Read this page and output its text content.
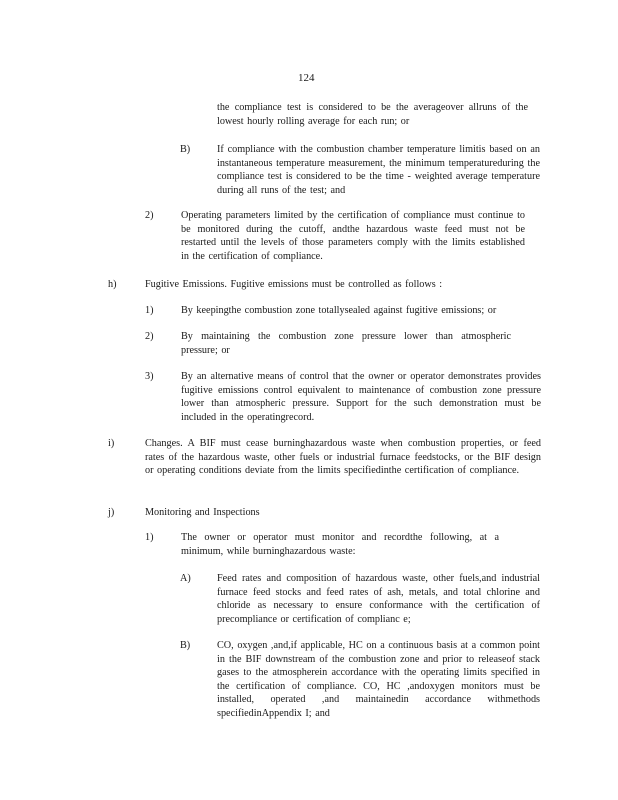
124
the compliance test is considered to be the averageover allruns of the lowest hourly rolling average for each run; or
B)	If compliance with the combustion chamber temperature limitis based on an instantaneous temperature measurement, the minimum temperatureduring the compliance test is considered to be the time - weighted average temperature during all runs of the test; and
2)	Operating parameters limited by the certification of compliance must continue to be monitored during the cutoff, andthe hazardous waste feed must not be restarted until the levels of those parameters comply with the limits established in the certification of compliance.
h)	Fugitive Emissions. Fugitive emissions must be controlled as follows :
1)	By keepingthe combustion zone totallysealed against fugitive emissions; or
2)	By maintaining the combustion zone pressure lower than atmospheric pressure; or
3)	By an alternative means of control that the owner or operator demonstrates provides fugitive emissions control equivalent to maintenance of combustion zone pressure lower than atmospheric pressure. Support for the such demonstration must be included in the operatingrecord.
i)	Changes. A BIF must cease burninghazardous waste when combustion properties, or feed rates of the hazardous waste, other fuels or industrial furnace feedstocks, or the BIF design or operating conditions deviate from the limits specifiedinthe certification of compliance.
j)	Monitoring and Inspections
1)	The owner or operator must monitor and recordthe following, at a minimum, while burninghazardous waste:
A)	Feed rates and composition of hazardous waste, other fuels,and industrial furnace feed stocks and feed rates of ash, metals, and total chlorine and chloride as necessary to ensure conformance with the certification of precompliance or certification of complianc e;
B)	CO, oxygen ,and,if applicable, HC on a continuous basis at a common point in the BIF downstream of the combustion zone and prior to releaseof stack gases to the atmospherein accordance with the operating limits specified in the certification of compliance. CO, HC ,andoxygen monitors must be installed, operated ,and maintainedin accordance withmethods specifiedinAppendix I; and
